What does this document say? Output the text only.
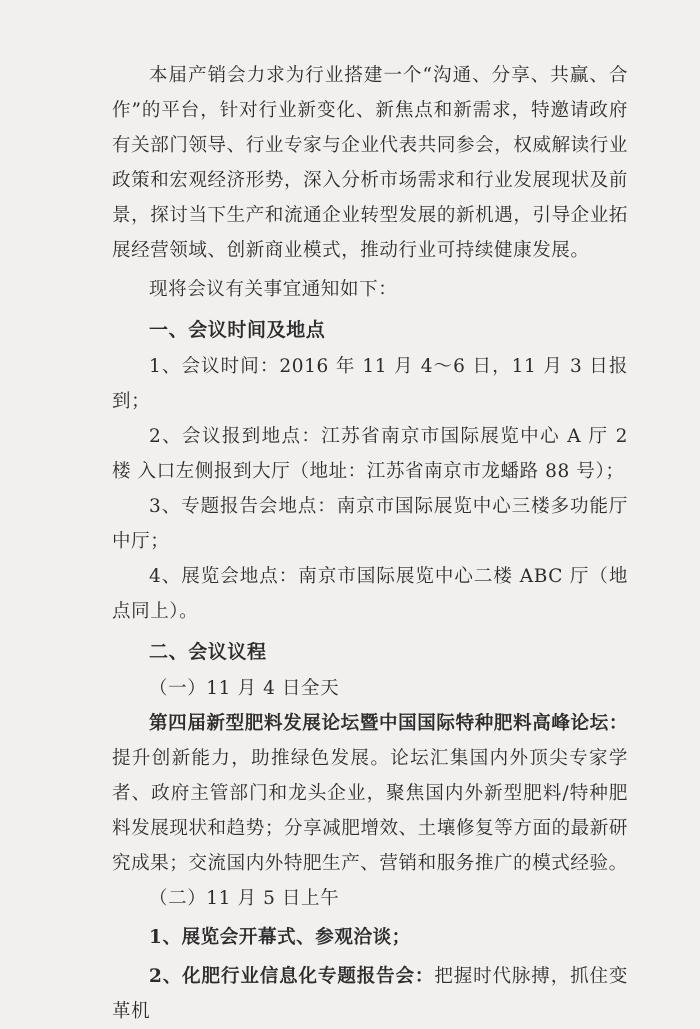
本届产销会力求为行业搭建一个“沟通、分享、共赢、合作”的平台，针对行业新变化、新焦点和新需求，特邀请政府有关部门领导、行业专家与企业代表共同参会，权威解读行业政策和宏观经济形势，深入分析市场需求和行业发展现状及前景，探讨当下生产和流通企业转型发展的新机遇，引导企业拓展经营领域、创新商业模式，推动行业可持续健康发展。

现将会议有关事宜通知如下：

一、会议时间及地点

1、会议时间：2016 年 11 月 4～6 日，11 月 3 日报到；

2、会议报到地点：江苏省南京市国际展览中心 A 厅 2 楼 入口左侧报到大厅（地址：江苏省南京市龙蟠路 88 号）；

3、专题报告会地点：南京市国际展览中心三楼多功能厅中厅；

4、展览会地点：南京市国际展览中心二楼 ABC 厅（地点同上）。

二、会议议程

（一）11 月 4 日全天

第四届新型肥料发展论坛暨中国国际特种肥料高峰论坛：提升创新能力，助推绿色发展。论坛汇集国内外顶尖专家学者、政府主管部门和龙头企业，聚焦国内外新型肥料/特种肥料发展现状和趋势；分享减肥增效、土壤修复等方面的最新研究成果；交流国内外特肥生产、营销和服务推广的模式经验。

（二）11 月 5 日上午

1、展览会开幕式、参观洽谈；

2、化肥行业信息化专题报告会：把握时代脉搏，抓住变革机
